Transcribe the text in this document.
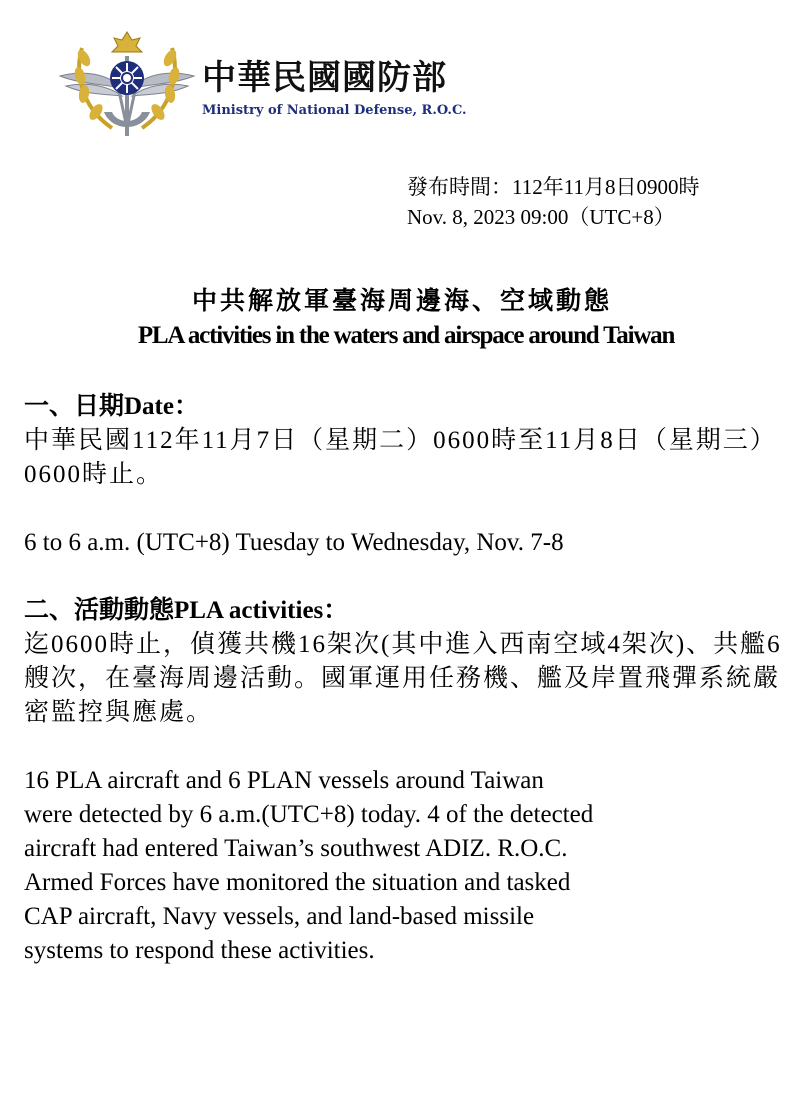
中華民國國防部
Ministry of National Defense, R.O.C.
發布時間：112年11月8日0900時
Nov. 8, 2023 09:00（UTC+8）
中共解放軍臺海周邊海、空域動態
PLA activities in the waters and airspace around Taiwan
一、日期Date：

中華民國112年11月7日（星期二）0600時至11月8日（星期三）0600時止。

6 to 6 a.m. (UTC+8) Tuesday to Wednesday, Nov. 7-8

二、活動動態PLA activities：

迄0600時止，偵獲共機16架次(其中進入西南空域4架次)、共艦6艘次，在臺海周邊活動。國軍運用任務機、艦及岸置飛彈系統嚴密監控與應處。

16 PLA aircraft and 6 PLAN vessels around Taiwan
were detected by 6 a.m.(UTC+8) today. 4 of the detected
aircraft had entered Taiwan’s southwest ADIZ. R.O.C.
Armed Forces have monitored the situation and tasked
CAP aircraft, Navy vessels, and land-based missile
systems to respond these activities.
